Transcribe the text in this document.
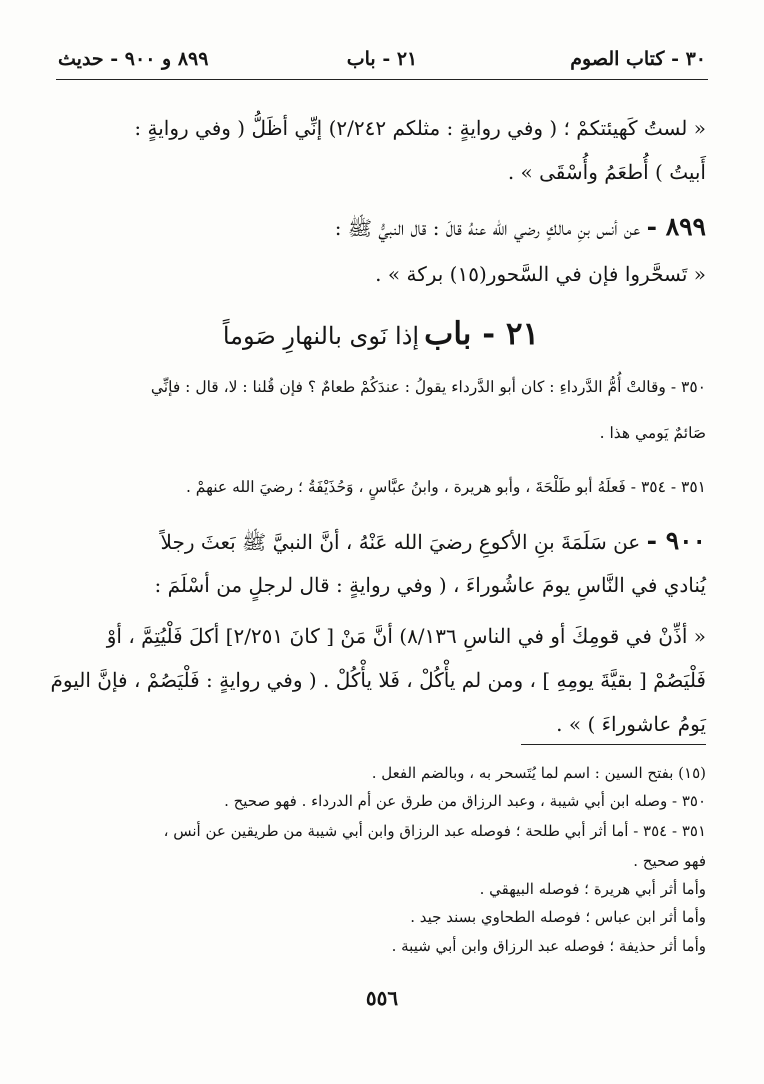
٣٠ - كتاب الصوم
٢١ - باب
٨٩٩ و ٩٠٠ - حديث
« لستُ كَهيئتكمْ ؛ ( وفي روايةٍ : مثلكم ٢/٢٤٢) إنِّي أظَلُّ ( وفي روايةٍ :
أَبيتُ ) أُطعَمُ وأُسْقَى » .
٨٩٩ - عن أنس بنِ مالكٍ رضي الله عنهُ قالَ : قال النبيُّ ﷺ :
« تَسحَّروا فإن في السَّحور(١٥) بركة » .
٢١ - باب إذا نَوى بالنهارِ صَوماً
٣٥٠ - وقالتْ أُمُّ الدَّرداءِ : كان أبو الدَّرداء يقولُ : عندَكُمْ طعامٌ ؟ فإن قُلنا : لا، قال : فإنِّي
صَائمٌ يَومي هذا .
٣٥١ - ٣٥٤ - فَعلَهُ أبو طَلْحَةَ ، وأبو هريرة ، وابنُ عبَّاسٍ ، وَحُذَيْفَةُ ؛ رضيَ الله عنهمْ .
٩٠٠ - عن سَلَمَةَ بنِ الأكوعِ رضيَ الله عَنْهُ ، أنَّ النبيَّ ﷺ بَعثَ رجلاً
يُنادي في النَّاسِ يومَ عاشُوراءَ ، ( وفي روايةٍ : قال لرجلٍ من أسْلَمَ :
« أذِّنْ في قومِكَ أو في الناسِ ٨/١٣٦) أنَّ مَنْ [ كانَ ٢/٢٥١] أكلَ فَلْيُتِمَّ ، أوْ
فَلْيَصُمْ [ بقيَّةَ يومِهِ ] ، ومن لم يأْكُلْ ، فَلا يأْكُلْ . ( وفي روايةٍ : فَلْيَصُمْ ، فإنَّ اليومَ
يَومُ عاشوراءَ ) » .
(١٥) بفتح السين : اسم لما يُتَسحر به ، وبالضم الفعل .
٣٥٠ - وصله ابن أبي شيبة ، وعبد الرزاق من طرق عن أم الدرداء . فهو صحيح .
٣٥١ - ٣٥٤ - أما أثر أبي طلحة ؛ فوصله عبد الرزاق وابن أبي شيبة من طريقين عن أنس ،
فهو صحيح .
وأما أثر أبي هريرة ؛ فوصله البيهقي .
وأما أثر ابن عباس ؛ فوصله الطحاوي بسند جيد .
وأما أثر حذيفة ؛ فوصله عبد الرزاق وابن أبي شيبة .
٥٥٦
